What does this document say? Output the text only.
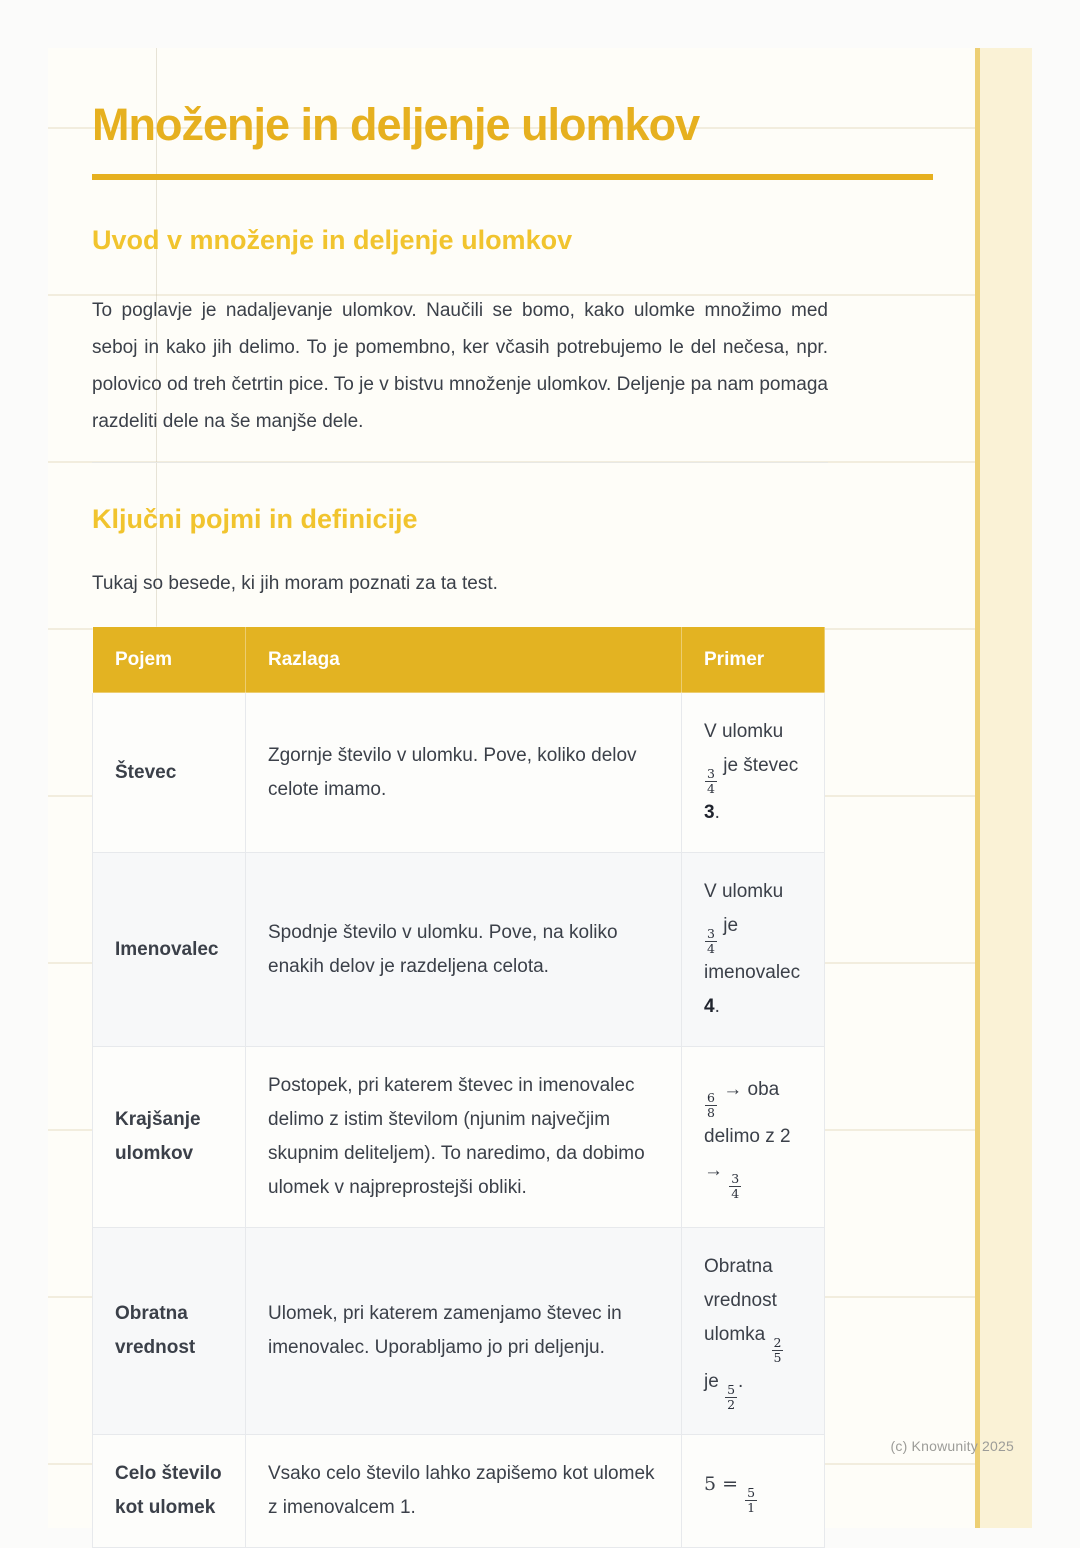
Množenje in deljenje ulomkov
Uvod v množenje in deljenje ulomkov

To poglavje je nadaljevanje ulomkov. Naučili se bomo, kako ulomke množimo med seboj in kako jih delimo. To je pomembno, ker včasih potrebujemo le del nečesa, npr. polovico od treh četrtin pice. To je v bistvu množenje ulomkov. Deljenje pa nam pomaga razdeliti dele na še manjše dele.

Ključni pojmi in definicije

Tukaj so besede, ki jih moram poznati za ta test.

Pojem	Razlaga	Primer
Števec	Zgornje število v ulomku. Pove, koliko delov celote imamo.	V ulomku
$\frac{3}{4}$
je števec 3.
Imenovalec	Spodnje število v ulomku. Pove, na koliko enakih delov je razdeljena celota.	V ulomku
$\frac{3}{4}$
je imenovalec 4.
Krajšanje ulomkov	Postopek, pri katerem števec in imenovalec delimo z istim številom (njunim največjim skupnim deliteljem). To naredimo, da dobimo ulomek v najpreprostejši obliki.	$\frac{6}{8}$
→ oba delimo z 2 →
$\frac{3}{4}$

Obratna vrednost	Ulomek, pri katerem zamenjamo števec in imenovalec. Uporabljamo jo pri deljenju.	Obratna vrednost ulomka
$\frac{2}{5}$
je
$\frac{5}{2}$
.
Celo število kot ulomek	Vsako celo število lahko zapišemo kot ulomek z imenovalcem 1.	5 =
$\frac{5}{1}$
(c) Knowunity 2025
